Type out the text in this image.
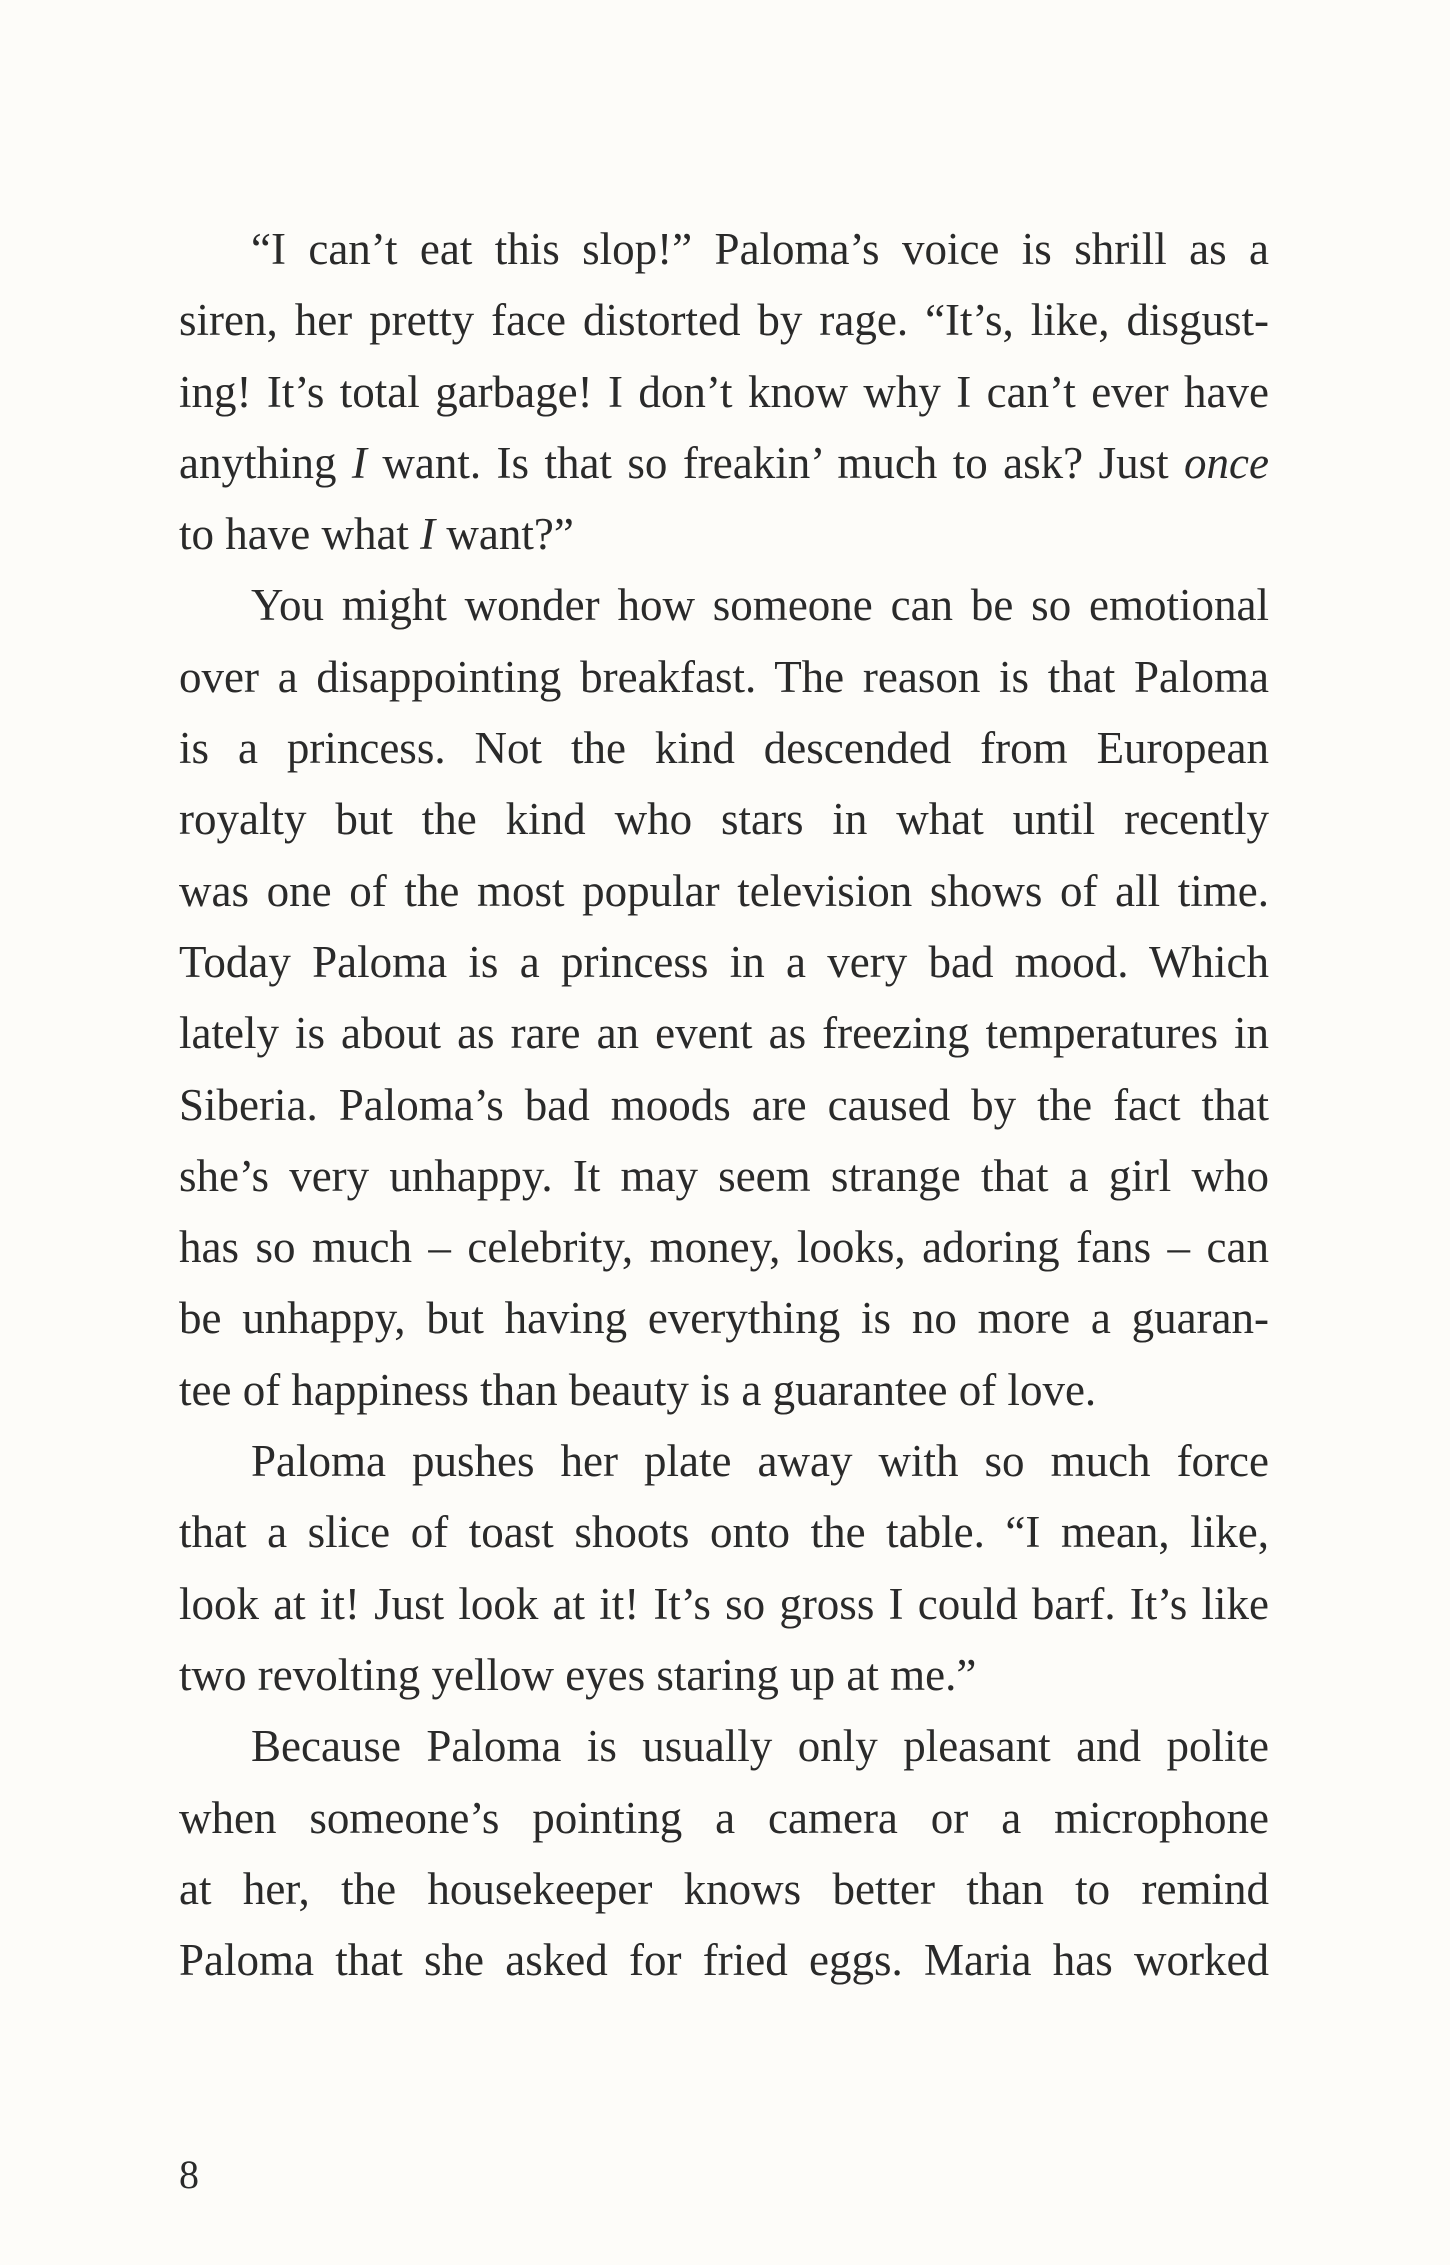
“I can’t eat this slop!” Paloma’s voice is shrill as a
siren, her pretty face distorted by rage. “It’s, like, disgust-
ing! It’s total garbage! I don’t know why I can’t ever have
anything I want. Is that so freakin’ much to ask? Just once
to have what I want?”
You might wonder how someone can be so emotional
over a disappointing breakfast. The reason is that Paloma
is a princess. Not the kind descended from European
royalty but the kind who stars in what until recently
was one of the most popular television shows of all time.
Today Paloma is a princess in a very bad mood. Which
lately is about as rare an event as freezing temperatures in
Siberia. Paloma’s bad moods are caused by the fact that
she’s very unhappy. It may seem strange that a girl who
has so much – celebrity, money, looks, adoring fans – can
be unhappy, but having everything is no more a guaran-
tee of happiness than beauty is a guarantee of love.
Paloma pushes her plate away with so much force
that a slice of toast shoots onto the table. “I mean, like,
look at it! Just look at it! It’s so gross I could barf. It’s like
two revolting yellow eyes staring up at me.”
Because Paloma is usually only pleasant and polite
when someone’s pointing a camera or a microphone
at her, the housekeeper knows better than to remind
Paloma that she asked for fried eggs. Maria has worked
8
